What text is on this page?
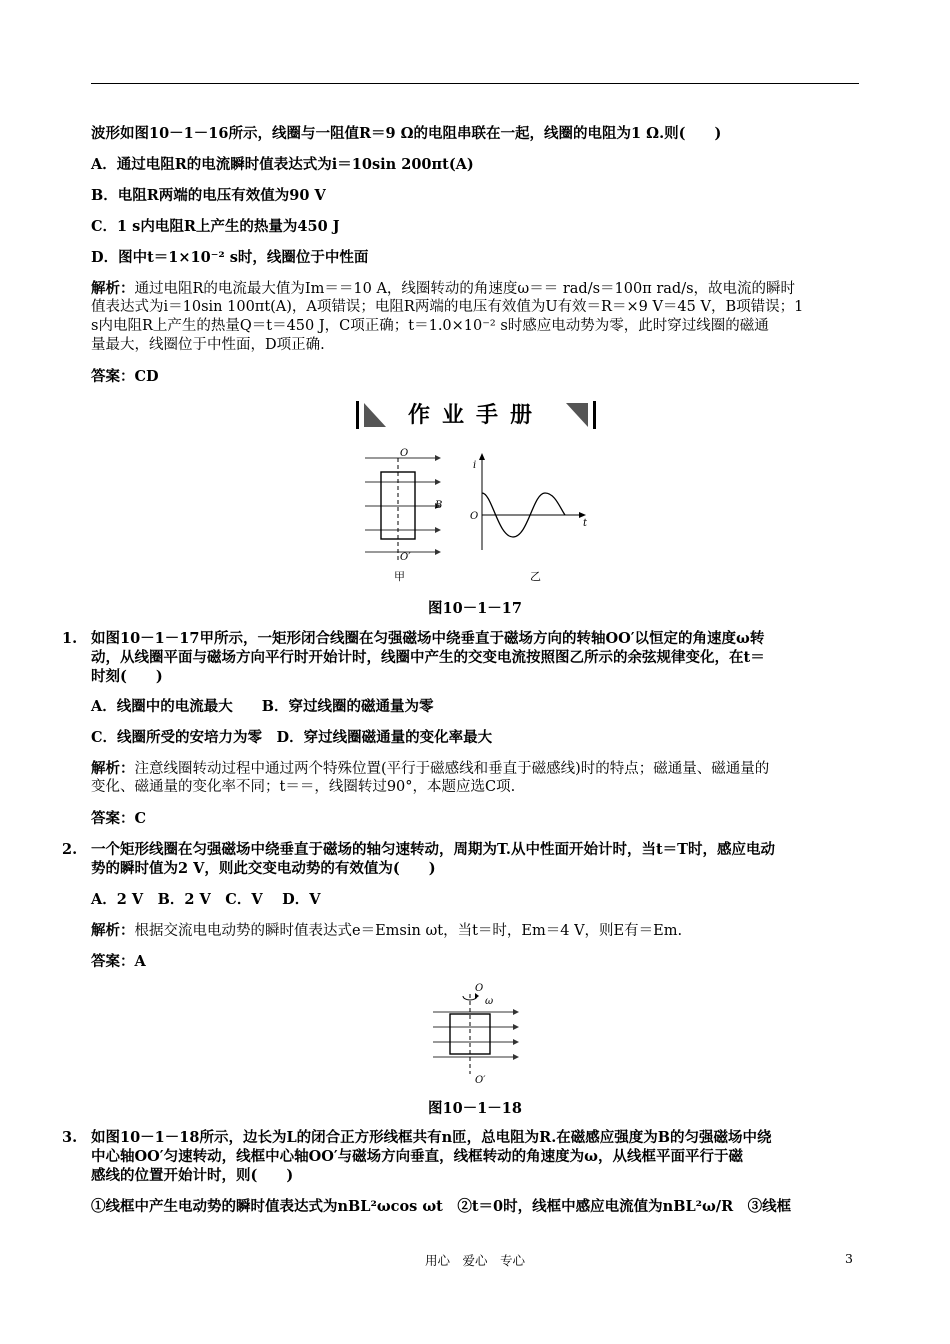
波形如图10－1－16所示，线圈与一阻值R＝9 Ω的电阻串联在一起，线圈的电阻为1 Ω.则(　　)
A．通过电阻R的电流瞬时值表达式为i＝10sin 200πt(A)
B．电阻R两端的电压有效值为90 V
C．1 s内电阻R上产生的热量为450 J
D．图中t＝1×10⁻² s时，线圈位于中性面
解析：通过电阻R的电流最大值为Im＝＝10 A，线圈转动的角速度ω＝＝ rad/s＝100π rad/s，故电流的瞬时
值表达式为i＝10sin 100πt(A)，A项错误；电阻R两端的电压有效值为U有效＝R＝×9 V＝45 V，B项错误；1
s内电阻R上产生的热量Q＝t＝450 J，C项正确；t＝1.0×10⁻² s时感应电动势为零，此时穿过线圈的磁通
量最大，线圈位于中性面，D项正确.
答案：CD
作业手册
O
O′
B
甲
i
t
O
乙
图10－1－17
1. 如图10－1－17甲所示，一矩形闭合线圈在匀强磁场中绕垂直于磁场方向的转轴OO′以恒定的角速度ω转
动，从线圈平面与磁场方向平行时开始计时，线圈中产生的交变电流按照图乙所示的余弦规律变化，在t＝
时刻(　　)
A．线圈中的电流最大　　B．穿过线圈的磁通量为零
C．线圈所受的安培力为零　D．穿过线圈磁通量的变化率最大
解析：注意线圈转动过程中通过两个特殊位置(平行于磁感线和垂直于磁感线)时的特点；磁通量、磁通量的
变化、磁通量的变化率不同；t＝＝，线圈转过90°，本题应选C项.
答案：C
2. 一个矩形线圈在匀强磁场中绕垂直于磁场的轴匀速转动，周期为T.从中性面开始计时，当t＝T时，感应电动
势的瞬时值为2 V，则此交变电动势的有效值为(　　)
A．2 V　B．2 V　C．V　 D．V
解析：根据交流电电动势的瞬时值表达式e＝Emsin ωt，当t＝时，Em＝4 V，则E有＝Em.
答案：A
O
ω
O′
图10－1－18
3. 如图10－1－18所示，边长为L的闭合正方形线框共有n匝，总电阻为R.在磁感应强度为B的匀强磁场中绕
中心轴OO′匀速转动，线框中心轴OO′与磁场方向垂直，线框转动的角速度为ω，从线框平面平行于磁
感线的位置开始计时，则(　　)
①线框中产生电动势的瞬时值表达式为nBL²ωcos ωt　②t＝0时，线框中感应电流值为nBL²ω/R　③线框
用心　爱心　专心	3
